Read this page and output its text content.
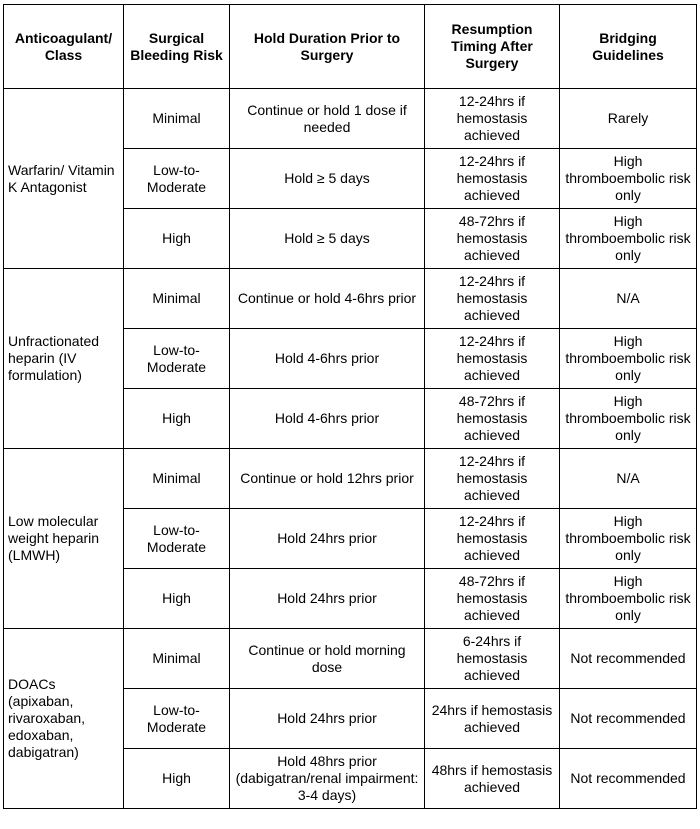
Anticoagulant/ Class	Surgical Bleeding Risk	Hold Duration Prior to Surgery	Resumption Timing After Surgery	Bridging Guidelines
Warfarin/ Vitamin K Antagonist	Minimal	Continue or hold 1 dose if needed	12-24hrs if hemostasis achieved	Rarely
	Low-to-Moderate	Hold ≥ 5 days	12-24hrs if hemostasis achieved	High thromboembolic risk only
	High	Hold ≥ 5 days	48-72hrs if hemostasis achieved	High thromboembolic risk only
Unfractionated heparin (IV formulation)	Minimal	Continue or hold 4-6hrs prior	12-24hrs if hemostasis achieved	N/A
	Low-to-Moderate	Hold 4-6hrs prior	12-24hrs if hemostasis achieved	High thromboembolic risk only
	High	Hold 4-6hrs prior	48-72hrs if hemostasis achieved	High thromboembolic risk only
Low molecular weight heparin (LMWH)	Minimal	Continue or hold 12hrs prior	12-24hrs if hemostasis achieved	N/A
	Low-to-Moderate	Hold 24hrs prior	12-24hrs if hemostasis achieved	High thromboembolic risk only
	High	Hold 24hrs prior	48-72hrs if hemostasis achieved	High thromboembolic risk only
DOACs (apixaban, rivaroxaban, edoxaban, dabigatran)	Minimal	Continue or hold morning dose	6-24hrs if hemostasis achieved	Not recommended
	Low-to-Moderate	Hold 24hrs prior	24hrs if hemostasis achieved	Not recommended
	High	Hold 48hrs prior (dabigatran/renal impairment: 3-4 days)	48hrs if hemostasis achieved	Not recommended
